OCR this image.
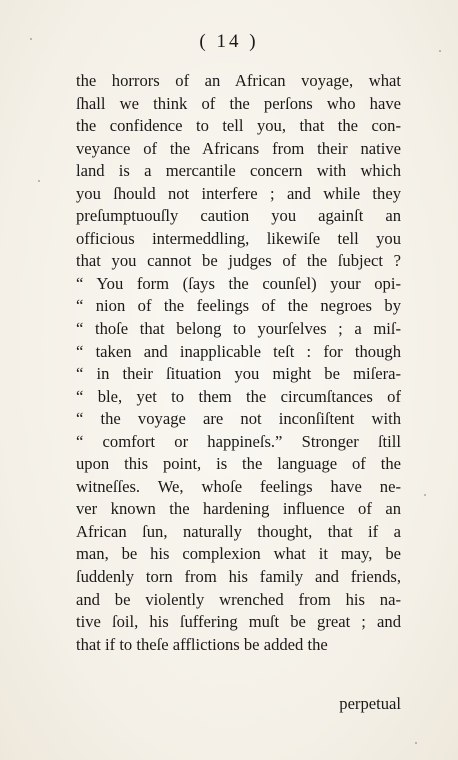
( 14 )
the horrors of an African voyage, what
ſhall we think of the perſons who have
the confidence to tell you, that the con-
veyance of the Africans from their native
land is a mercantile concern with which
you ſhould not interfere ; and while they
preſumptuouſly caution you againſt an
officious intermeddling, likewiſe tell you
that you cannot be judges of the ſubject ?
“ You form (ſays the counſel) your opi-
“ nion of the feelings of the negroes by
“ thoſe that belong to yourſelves ; a miſ-
“ taken and inapplicable teſt : for though
“ in their ſituation you might be miſera-
“ ble, yet to them the circumſtances of
“ the voyage are not inconſiſtent with
“ comfort or happineſs.” Stronger ſtill
upon this point, is the language of the
witneſſes. We, whoſe feelings have ne-
ver known the hardening influence of an
African ſun, naturally thought, that if a
man, be his complexion what it may, be
ſuddenly torn from his family and friends,
and be violently wrenched from his na-
tive ſoil, his ſuffering muſt be great ; and
that if to theſe afflictions be added the
perpetual
